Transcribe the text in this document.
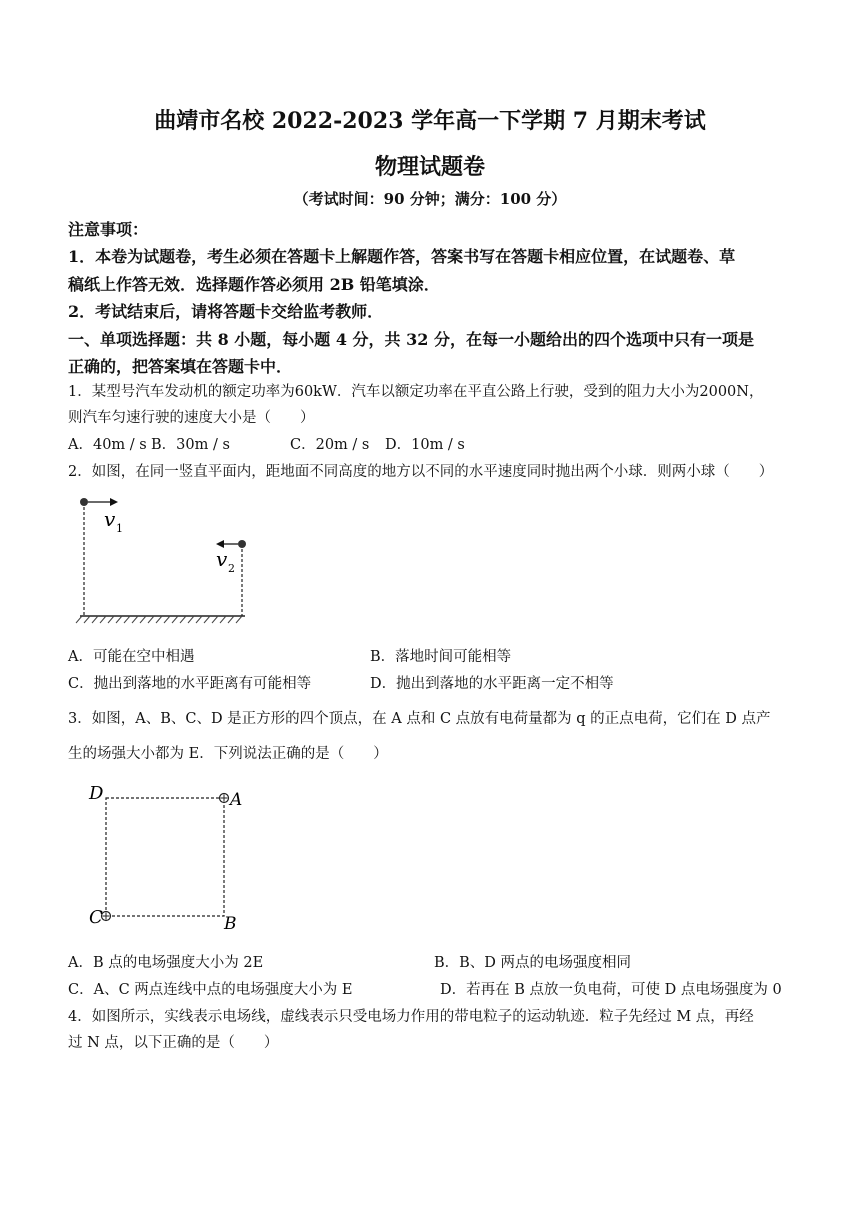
曲靖市名校 2022-2023 学年高一下学期 7 月期末考试
物理试题卷
（考试时间：90 分钟；满分：100 分）
注意事项：
1．本卷为试题卷，考生必须在答题卡上解题作答，答案书写在答题卡相应位置，在试题卷、草
稿纸上作答无效．选择题作答必须用 2B 铅笔填涂．
2．考试结束后，请将答题卡交给监考教师．
一、单项选择题：共 8 小题，每小题 4 分，共 32 分，在每一小题给出的四个选项中只有一项是
正确的，把答案填在答题卡中．
1．某型号汽车发动机的额定功率为60kW．汽车以额定功率在平直公路上行驶，受到的阻力大小为2000N，
则汽车匀速行驶的速度大小是（　　）
A．40m / s B．30m / s	C．20m / s D．10m / s
2．如图，在同一竖直平面内，距地面不同高度的地方以不同的水平速度同时抛出两个小球．则两小球（　　）
v 1
v 2
A．可能在空中相遇	B．落地时间可能相等
C．抛出到落地的水平距离有可能相等	D．抛出到落地的水平距离一定不相等
3．如图，A、B、C、D 是正方形的四个顶点，在 A 点和 C 点放有电荷量都为 q 的正点电荷，它们在 D 点产
生的场强大小都为 E．下列说法正确的是（　　）
D	A
C	B
A．B 点的电场强度大小为 2E	B．B、D 两点的电场强度相同
C．A、C 两点连线中点的电场强度大小为 E	D．若再在 B 点放一负电荷，可使 D 点电场强度为 0
4．如图所示，实线表示电场线，虚线表示只受电场力作用的带电粒子的运动轨迹．粒子先经过 M 点，再经
过 N 点，以下正确的是（　　）
